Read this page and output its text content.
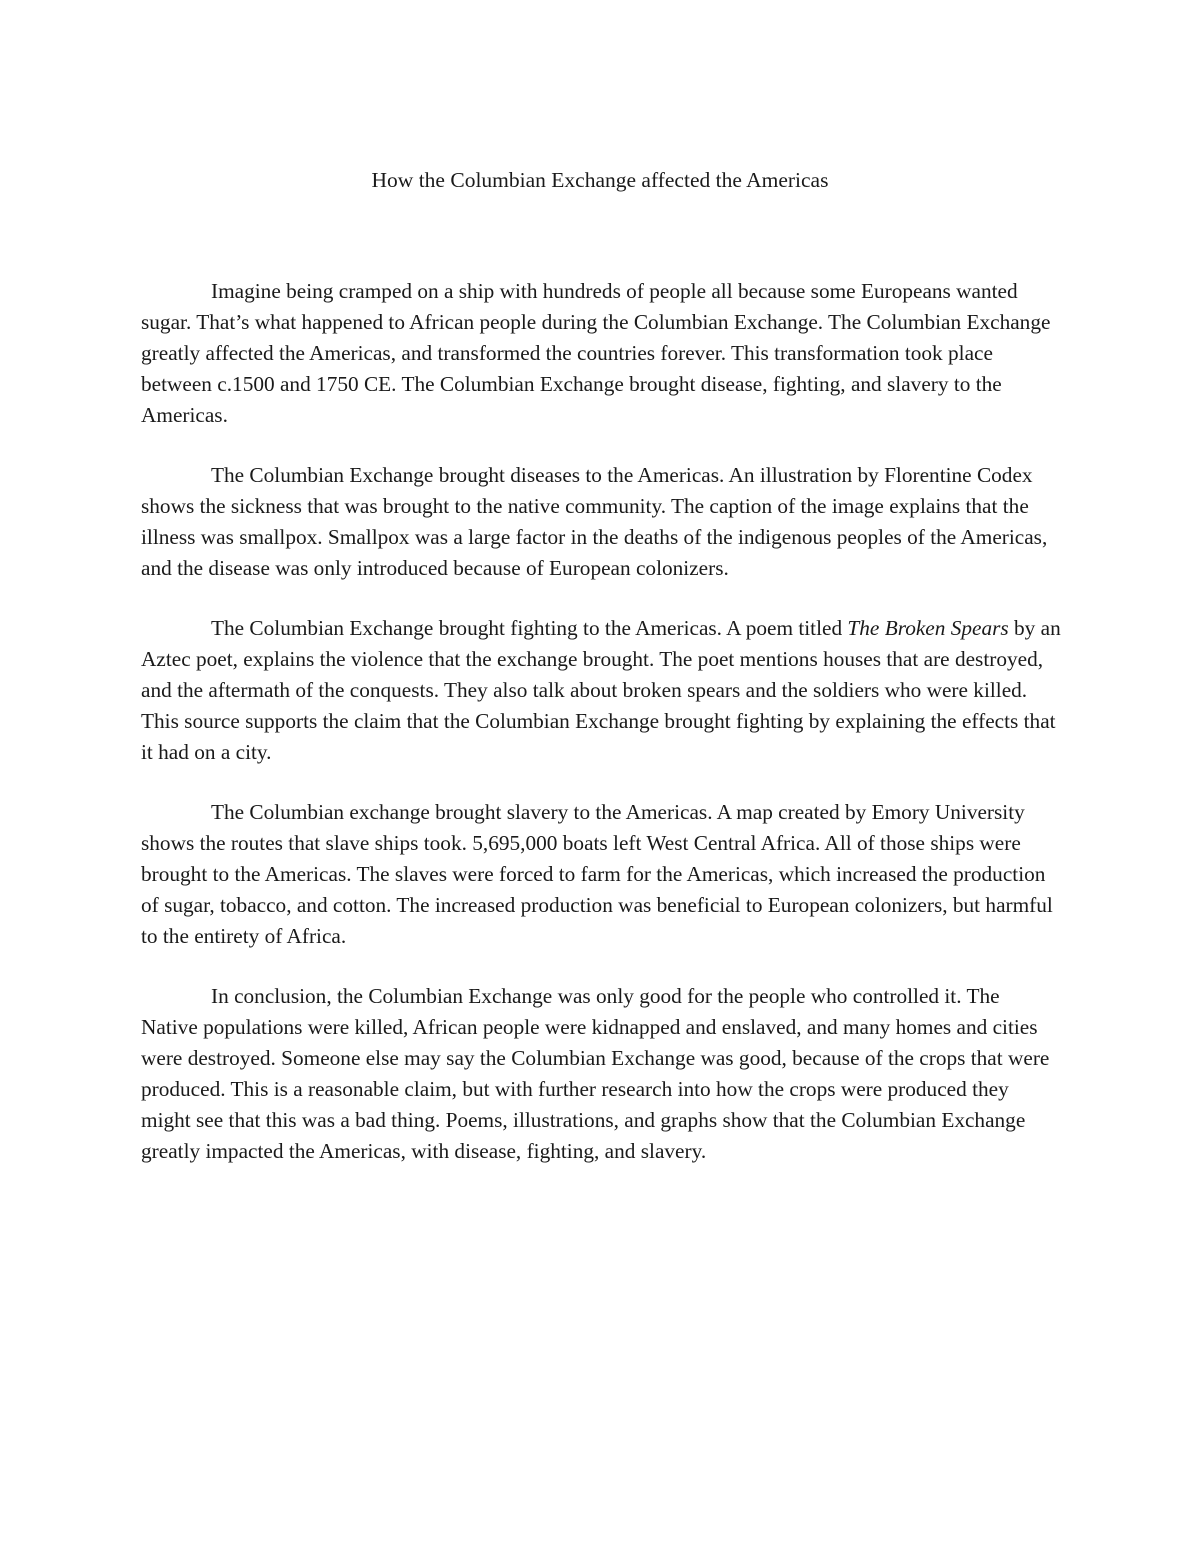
How the Columbian Exchange affected the Americas

Imagine being cramped on a ship with hundreds of people all because some Europeans wanted sugar. That’s what happened to African people during the Columbian Exchange. The Columbian Exchange greatly affected the Americas, and transformed the countries forever. This transformation took place between c.1500 and 1750 CE. The Columbian Exchange brought disease, fighting, and slavery to the Americas.

The Columbian Exchange brought diseases to the Americas. An illustration by Florentine Codex shows the sickness that was brought to the native community. The caption of the image explains that the illness was smallpox. Smallpox was a large factor in the deaths of the indigenous peoples of the Americas, and the disease was only introduced because of European colonizers.

The Columbian Exchange brought fighting to the Americas. A poem titled The Broken Spears by an Aztec poet, explains the violence that the exchange brought. The poet mentions houses that are destroyed, and the aftermath of the conquests. They also talk about broken spears and the soldiers who were killed. This source supports the claim that the Columbian Exchange brought fighting by explaining the effects that it had on a city.

The Columbian exchange brought slavery to the Americas. A map created by Emory University shows the routes that slave ships took. 5,695,000 boats left West Central Africa. All of those ships were brought to the Americas. The slaves were forced to farm for the Americas, which increased the production of sugar, tobacco, and cotton. The increased production was beneficial to European colonizers, but harmful to the entirety of Africa.

In conclusion, the Columbian Exchange was only good for the people who controlled it. The Native populations were killed, African people were kidnapped and enslaved, and many homes and cities were destroyed. Someone else may say the Columbian Exchange was good, because of the crops that were produced. This is a reasonable claim, but with further research into how the crops were produced they might see that this was a bad thing. Poems, illustrations, and graphs show that the Columbian Exchange greatly impacted the Americas, with disease, fighting, and slavery.
